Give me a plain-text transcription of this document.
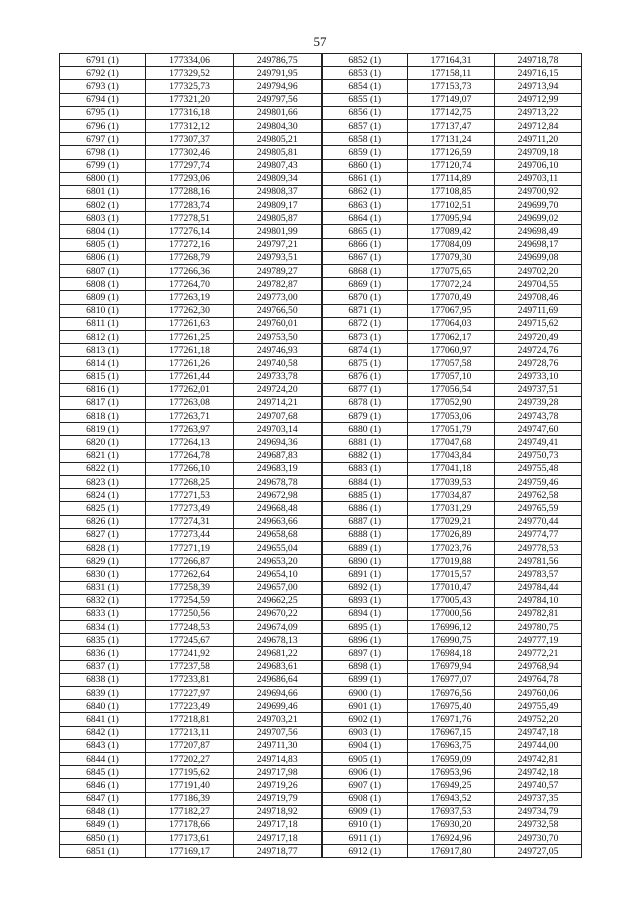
57
6791 (1)	177334,06	249786,75	6852 (1)	177164,31	249718,78
6792 (1)	177329,52	249791,95	6853 (1)	177158,11	249716,15
6793 (1)	177325,73	249794,96	6854 (1)	177153,73	249713,94
6794 (1)	177321,20	249797,56	6855 (1)	177149,07	249712,99
6795 (1)	177316,18	249801,66	6856 (1)	177142,75	249713,22
6796 (1)	177312,12	249804,30	6857 (1)	177137,47	249712,84
6797 (1)	177307,37	249805,21	6858 (1)	177131,24	249711,20
6798 (1)	177302,46	249805,81	6859 (1)	177126,59	249709,18
6799 (1)	177297,74	249807,43	6860 (1)	177120,74	249706,10
6800 (1)	177293,06	249809,34	6861 (1)	177114,89	249703,11
6801 (1)	177288,16	249808,37	6862 (1)	177108,85	249700,92
6802 (1)	177283,74	249809,17	6863 (1)	177102,51	249699,70
6803 (1)	177278,51	249805,87	6864 (1)	177095,94	249699,02
6804 (1)	177276,14	249801,99	6865 (1)	177089,42	249698,49
6805 (1)	177272,16	249797,21	6866 (1)	177084,09	249698,17
6806 (1)	177268,79	249793,51	6867 (1)	177079,30	249699,08
6807 (1)	177266,36	249789,27	6868 (1)	177075,65	249702,20
6808 (1)	177264,70	249782,87	6869 (1)	177072,24	249704,55
6809 (1)	177263,19	249773,00	6870 (1)	177070,49	249708,46
6810 (1)	177262,30	249766,50	6871 (1)	177067,95	249711,69
6811 (1)	177261,63	249760,01	6872 (1)	177064,03	249715,62
6812 (1)	177261,25	249753,50	6873 (1)	177062,17	249720,49
6813 (1)	177261,18	249746,93	6874 (1)	177060,97	249724,76
6814 (1)	177261,26	249740,58	6875 (1)	177057,58	249728,76
6815 (1)	177261,44	249733,78	6876 (1)	177057,10	249733,10
6816 (1)	177262,01	249724,20	6877 (1)	177056,54	249737,51
6817 (1)	177263,08	249714,21	6878 (1)	177052,90	249739,28
6818 (1)	177263,71	249707,68	6879 (1)	177053,06	249743,78
6819 (1)	177263,97	249703,14	6880 (1)	177051,79	249747,60
6820 (1)	177264,13	249694,36	6881 (1)	177047,68	249749,41
6821 (1)	177264,78	249687,83	6882 (1)	177043,84	249750,73
6822 (1)	177266,10	249683,19	6883 (1)	177041,18	249755,48
6823 (1)	177268,25	249678,78	6884 (1)	177039,53	249759,46
6824 (1)	177271,53	249672,98	6885 (1)	177034,87	249762,58
6825 (1)	177273,49	249668,48	6886 (1)	177031,29	249765,59
6826 (1)	177274,31	249663,66	6887 (1)	177029,21	249770,44
6827 (1)	177273,44	249658,68	6888 (1)	177026,89	249774,77
6828 (1)	177271,19	249655,04	6889 (1)	177023,76	249778,53
6829 (1)	177266,87	249653,20	6890 (1)	177019,88	249781,56
6830 (1)	177262,64	249654,10	6891 (1)	177015,57	249783,57
6831 (1)	177258,39	249657,00	6892 (1)	177010,47	249784,44
6832 (1)	177254,59	249662,25	6893 (1)	177005,43	249784,10
6833 (1)	177250,56	249670,22	6894 (1)	177000,56	249782,81
6834 (1)	177248,53	249674,09	6895 (1)	176996,12	249780,75
6835 (1)	177245,67	249678,13	6896 (1)	176990,75	249777,19
6836 (1)	177241,92	249681,22	6897 (1)	176984,18	249772,21
6837 (1)	177237,58	249683,61	6898 (1)	176979,94	249768,94
6838 (1)	177233,81	249686,64	6899 (1)	176977,07	249764,78
6839 (1)	177227,97	249694,66	6900 (1)	176976,56	249760,06
6840 (1)	177223,49	249699,46	6901 (1)	176975,40	249755,49
6841 (1)	177218,81	249703,21	6902 (1)	176971,76	249752,20
6842 (1)	177213,11	249707,56	6903 (1)	176967,15	249747,18
6843 (1)	177207,87	249711,30	6904 (1)	176963,75	249744,00
6844 (1)	177202,27	249714,83	6905 (1)	176959,09	249742,81
6845 (1)	177195,62	249717,98	6906 (1)	176953,96	249742,18
6846 (1)	177191,40	249719,26	6907 (1)	176949,25	249740,57
6847 (1)	177186,39	249719,79	6908 (1)	176943,52	249737,35
6848 (1)	177182,27	249718,92	6909 (1)	176937,53	249734,79
6849 (1)	177178,66	249717,18	6910 (1)	176930,20	249732,58
6850 (1)	177173,61	249717,18	6911 (1)	176924,96	249730,70
6851 (1)	177169,17	249718,77	6912 (1)	176917,80	249727,05
